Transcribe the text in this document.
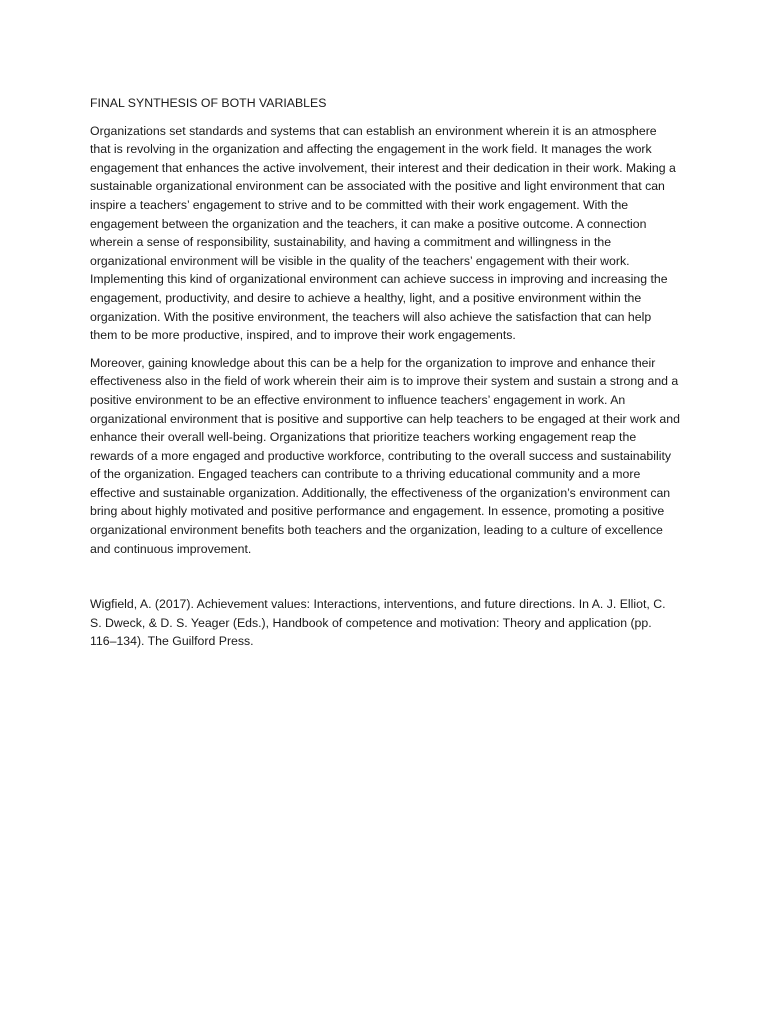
FINAL SYNTHESIS OF BOTH VARIABLES

Organizations set standards and systems that can establish an environment wherein it is an atmosphere that is revolving in the organization and affecting the engagement in the work field. It manages the work engagement that enhances the active involvement, their interest and their dedication in their work. Making a sustainable organizational environment can be associated with the positive and light environment that can inspire a teachers’ engagement to strive and to be committed with their work engagement. With the engagement between the organization and the teachers, it can make a positive outcome. A connection wherein a sense of responsibility, sustainability, and having a commitment and willingness in the organizational environment will be visible in the quality of the teachers’ engagement with their work. Implementing this kind of organizational environment can achieve success in improving and increasing the engagement, productivity, and desire to achieve a healthy, light, and a positive environment within the organization. With the positive environment, the teachers will also achieve the satisfaction that can help them to be more productive, inspired, and to improve their work engagements.

Moreover, gaining knowledge about this can be a help for the organization to improve and enhance their effectiveness also in the field of work wherein their aim is to improve their system and sustain a strong and a positive environment to be an effective environment to influence teachers’ engagement in work. An organizational environment that is positive and supportive can help teachers to be engaged at their work and enhance their overall well-being. Organizations that prioritize teachers working engagement reap the rewards of a more engaged and productive workforce, contributing to the overall success and sustainability of the organization. Engaged teachers can contribute to a thriving educational community and a more effective and sustainable organization. Additionally, the effectiveness of the organization’s environment can bring about highly motivated and positive performance and engagement. In essence, promoting a positive organizational environment benefits both teachers and the organization, leading to a culture of excellence and continuous improvement.

Wigfield, A. (2017). Achievement values: Interactions, interventions, and future directions. In A. J. Elliot, C. S. Dweck, & D. S. Yeager (Eds.), Handbook of competence and motivation: Theory and application (pp. 116–134). The Guilford Press.
